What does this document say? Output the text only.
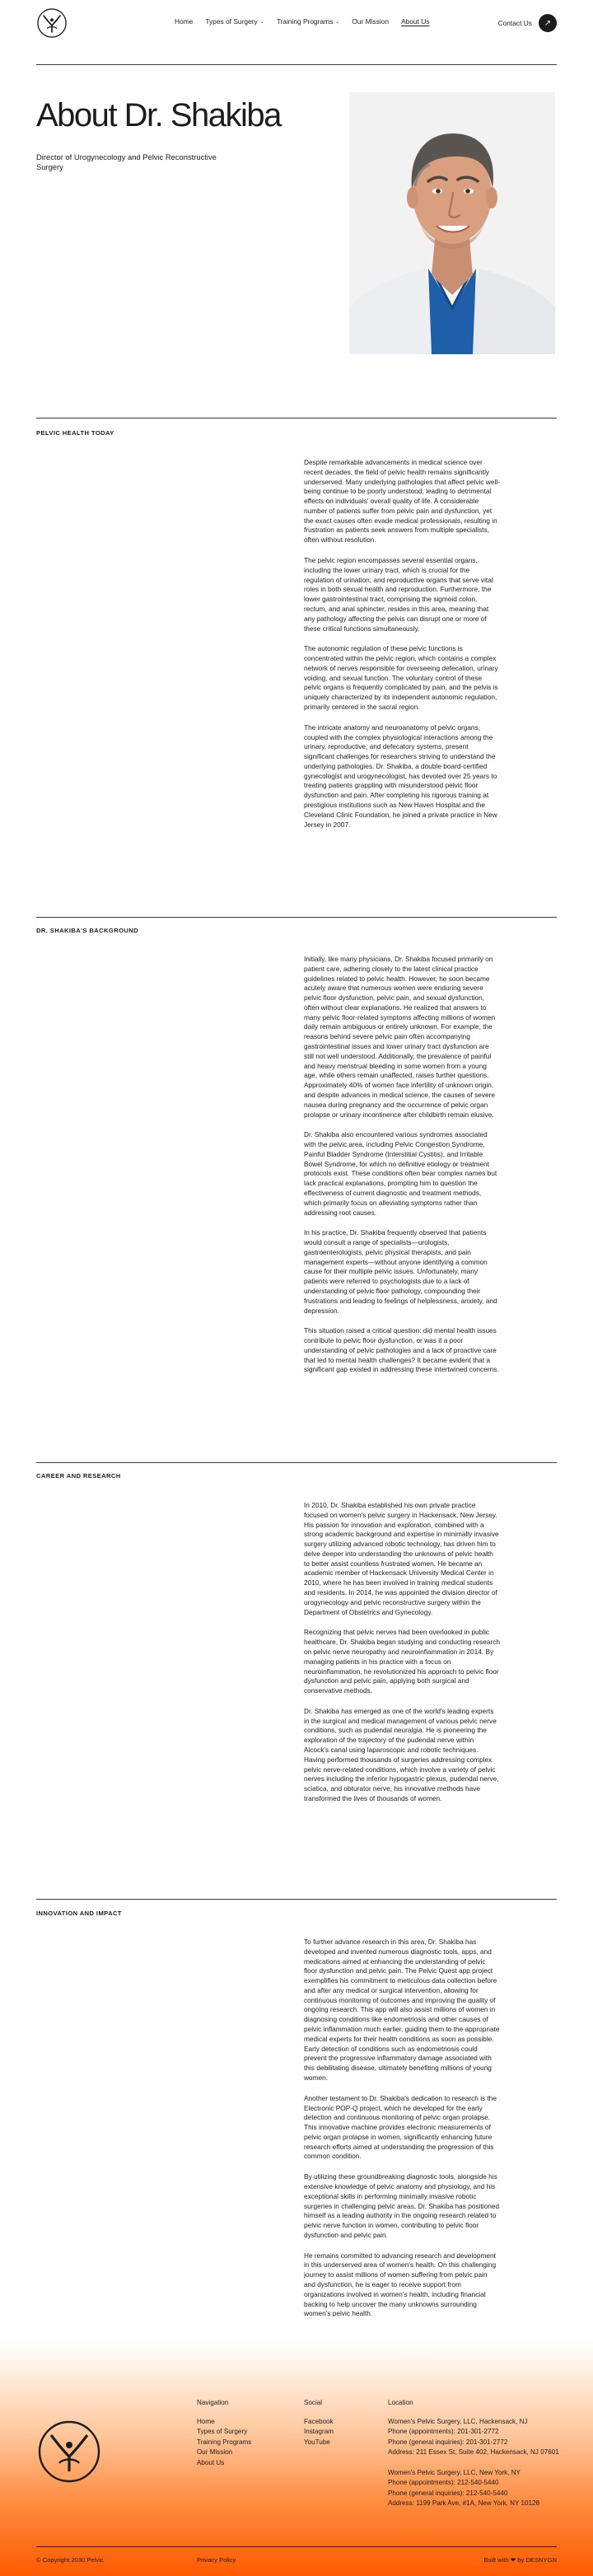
Home Types of Surgery ⌄ Training Programs ⌄ Our Mission About Us	Contact Us	↗
About Dr. Shakiba

Director of Urogynecology and Pelvic Reconstructive Surgery

PELVIC HEALTH TODAY

Despite remarkable advancements in medical science over recent decades, the field of pelvic health remains significantly underserved. Many underlying pathologies that affect pelvic well-being continue to be poorly understood, leading to detrimental effects on individuals' overall quality of life. A considerable number of patients suffer from pelvic pain and dysfunction, yet the exact causes often evade medical professionals, resulting in frustration as patients seek answers from multiple specialists, often without resolution.

The pelvic region encompasses several essential organs, including the lower urinary tract, which is crucial for the regulation of urination; and reproductive organs that serve vital roles in both sexual health and reproduction. Furthermore, the lower gastrointestinal tract, comprising the sigmoid colon, rectum, and anal sphincter, resides in this area, meaning that any pathology affecting the pelvis can disrupt one or more of these critical functions simultaneously.

The autonomic regulation of these pelvic functions is concentrated within the pelvic region, which contains a complex network of nerves responsible for overseeing defecation, urinary voiding, and sexual function. The voluntary control of these pelvic organs is frequently complicated by pain, and the pelvis is uniquely characterized by its independent autonomic regulation, primarily centered in the sacral region.

The intricate anatomy and neuroanatomy of pelvic organs, coupled with the complex physiological interactions among the urinary, reproductive, and defecatory systems, present significant challenges for researchers striving to understand the underlying pathologies. Dr. Shakiba, a double board-certified gynecologist and urogynecologist, has devoted over 25 years to treating patients grappling with misunderstood pelvic floor dysfunction and pain. After completing his rigorous training at prestigious institutions such as New Haven Hospital and the Cleveland Clinic Foundation, he joined a private practice in New Jersey in 2007.

DR. SHAKIBA'S BACKGROUND

Initially, like many physicians, Dr. Shakiba focused primarily on patient care, adhering closely to the latest clinical practice guidelines related to pelvic health. However, he soon became acutely aware that numerous women were enduring severe pelvic floor dysfunction, pelvic pain, and sexual dysfunction, often without clear explanations. He realized that answers to many pelvic floor-related symptoms affecting millions of women daily remain ambiguous or entirely unknown. For example, the reasons behind severe pelvic pain often accompanying gastrointestinal issues and lower urinary tract dysfunction are still not well understood. Additionally, the prevalence of painful and heavy menstrual bleeding in some women from a young age, while others remain unaffected, raises further questions. Approximately 40% of women face infertility of unknown origin, and despite advances in medical science, the causes of severe nausea during pregnancy and the occurrence of pelvic organ prolapse or urinary incontinence after childbirth remain elusive.

Dr. Shakiba also encountered various syndromes associated with the pelvic area, including Pelvic Congestion Syndrome, Painful Bladder Syndrome (Interstitial Cystitis), and Irritable Bowel Syndrome, for which no definitive etiology or treatment protocols exist. These conditions often bear complex names but lack practical explanations, prompting him to question the effectiveness of current diagnostic and treatment methods, which primarily focus on alleviating symptoms rather than addressing root causes.

In his practice, Dr. Shakiba frequently observed that patients would consult a range of specialists—urologists, gastroenterologists, pelvic physical therapists, and pain management experts—without anyone identifying a common cause for their multiple pelvic issues. Unfortunately, many patients were referred to psychologists due to a lack of understanding of pelvic floor pathology, compounding their frustrations and leading to feelings of helplessness, anxiety, and depression.

This situation raised a critical question: did mental health issues contribute to pelvic floor dysfunction, or was it a poor understanding of pelvic pathologies and a lack of proactive care that led to mental health challenges? It became evident that a significant gap existed in addressing these intertwined concerns.

CAREER AND RESEARCH

In 2010, Dr. Shakiba established his own private practice focused on women's pelvic surgery in Hackensack, New Jersey. His passion for innovation and exploration, combined with a strong academic background and expertise in minimally invasive surgery utilizing advanced robotic technology, has driven him to delve deeper into understanding the unknowns of pelvic health to better assist countless frustrated women. He became an academic member of Hackensack University Medical Center in 2010, where he has been involved in training medical students and residents. In 2014, he was appointed the division director of urogynecology and pelvic reconstructive surgery within the Department of Obstetrics and Gynecology.

Recognizing that pelvic nerves had been overlooked in public healthcare, Dr. Shakiba began studying and conducting research on pelvic nerve neuropathy and neuroinflammation in 2014. By managing patients in his practice with a focus on neuroinflammation, he revolutionized his approach to pelvic floor dysfunction and pelvic pain, applying both surgical and conservative methods.

Dr. Shakiba has emerged as one of the world's leading experts in the surgical and medical management of various pelvic nerve conditions, such as pudendal neuralgia. He is pioneering the exploration of the trajectory of the pudendal nerve within Alcock's canal using laparoscopic and robotic techniques. Having performed thousands of surgeries addressing complex pelvic nerve-related conditions, which involve a variety of pelvic nerves including the inferior hypogastric plexus, pudendal nerve, sciatica, and obturator nerve, his innovative methods have transformed the lives of thousands of women.

INNOVATION AND IMPACT

To further advance research in this area, Dr. Shakiba has developed and invented numerous diagnostic tools, apps, and medications aimed at enhancing the understanding of pelvic floor dysfunction and pelvic pain. The Pelvic Quest app project exemplifies his commitment to meticulous data collection before and after any medical or surgical intervention, allowing for continuous monitoring of outcomes and improving the quality of ongoing research. This app will also assist millions of women in diagnosing conditions like endometriosis and other causes of pelvic inflammation much earlier, guiding them to the appropriate medical experts for their health conditions as soon as possible. Early detection of conditions such as endometriosis could prevent the progressive inflammatory damage associated with this debilitating disease, ultimately benefiting millions of young women.

Another testament to Dr. Shakiba's dedication to research is the Electronic POP-Q project, which he developed for the early detection and continuous monitoring of pelvic organ prolapse. This innovative machine provides electronic measurements of pelvic organ prolapse in women, significantly enhancing future research efforts aimed at understanding the progression of this common condition.

By utilizing these groundbreaking diagnostic tools, alongside his extensive knowledge of pelvic anatomy and physiology, and his exceptional skills in performing minimally invasive robotic surgeries in challenging pelvic areas, Dr. Shakiba has positioned himself as a leading authority in the ongoing research related to pelvic nerve function in women, contributing to pelvic floor dysfunction and pelvic pain.

He remains committed to advancing research and development in this underserved area of women's health. On this challenging journey to assist millions of women suffering from pelvic pain and dysfunction, he is eager to receive support from organizations involved in women's health, including financial backing to help uncover the many unknowns surrounding women's pelvic health.

Navigation
Home
Types of Surgery
Training Programs
Our Mission
About Us
Social
Facebook
Instagram
YouTube
Location
Women's Pelvic Surgery, LLC, Hackensack, NJ
Phone (appointments): 201-301-2772
Phone (general inquiries): 201-301-2772
Address: 211 Essex St, Suite 402, Hackensack, NJ 07601
Women's Pelvic Surgery, LLC, New York, NY
Phone (appointments): 212-540-5440
Phone (general inquiries): 212-540-5440
Address: 1199 Park Ave, #1A, New York, NY 10128
© Copyright 2030 Pelvic	Privacy Policy	Built with ❤ by DESNYGN
